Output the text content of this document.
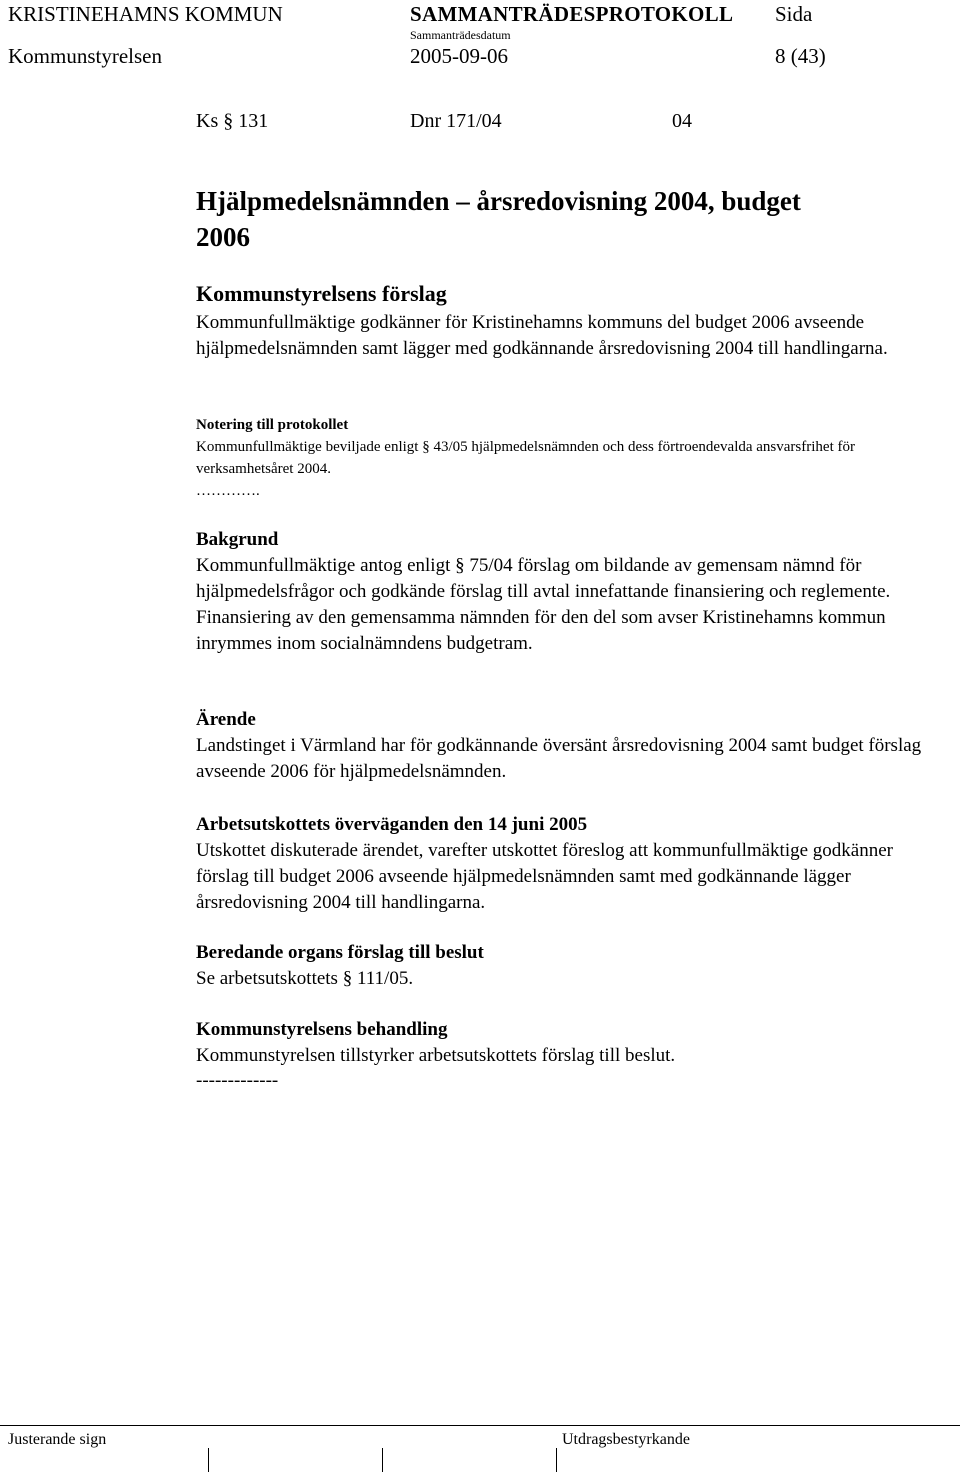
KRISTINEHAMNS KOMMUN	SAMMANTRÄDESPROTOKOLL Sida
Sammanträdesdatum
Kommunstyrelsen	2005-09-06	8 (43)
Ks § 131	Dnr 171/04	04
Hjälpmedelsnämnden – årsredovisning 2004, budget
2006
Kommunstyrelsens förslag
Kommunfullmäktige godkänner för Kristinehamns kommuns del budget 2006 avseende hjälpmedelsnämnden samt lägger med godkännande årsredovisning 2004 till handlingarna.
Notering till protokollet
Kommunfullmäktige beviljade enligt § 43/05 hjälpmedelsnämnden och dess förtroendevalda ansvarsfrihet för verksamhetsåret 2004.
………….
Bakgrund
Kommunfullmäktige antog enligt § 75/04 förslag om bildande av gemensam nämnd för hjälpmedelsfrågor och godkände förslag till avtal innefattande finansiering och reglemente. Finansiering av den gemensamma nämnden för den del som avser Kristinehamns kommun inrymmes inom socialnämndens budgetram.
Ärende
Landstinget i Värmland har för godkännande översänt årsredovisning 2004 samt budget förslag avseende 2006 för hjälpmedelsnämnden.
Arbetsutskottets överväganden den 14 juni 2005
Utskottet diskuterade ärendet, varefter utskottet föreslog att kommunfullmäktige godkänner förslag till budget 2006 avseende hjälpmedelsnämnden samt med godkännande lägger årsredovisning 2004 till handlingarna.
Beredande organs förslag till beslut
Se arbetsutskottets § 111/05.
Kommunstyrelsens behandling
Kommunstyrelsen tillstyrker arbetsutskottets förslag till beslut.
-------------
Justerande sign	Utdragsbestyrkande
